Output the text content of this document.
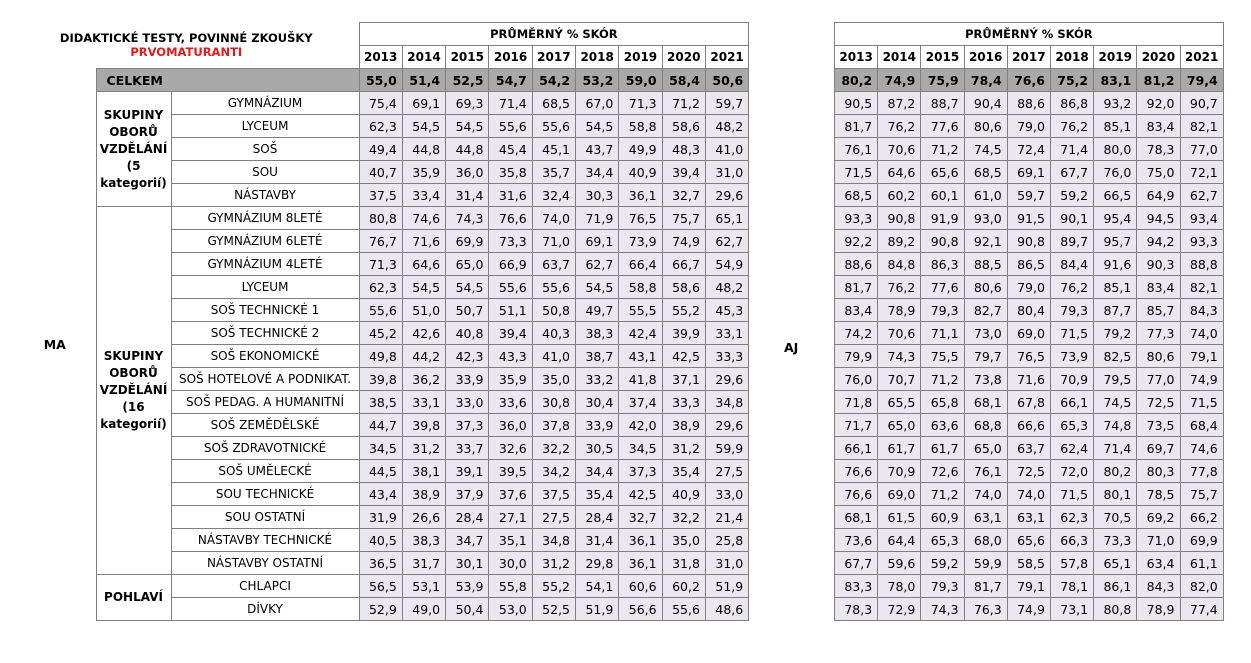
DIDAKTICKÉ TESTY, POVINNÉ ZKOUŠKY
PRVOMATURANTI			PRŮMĚRNÝ % SKÓR								
			2013	2014	2015	2016	2017	2018	2019	2020	2021
MA	CELKEM		55,0	51,4	52,5	54,7	54,2	53,2	59,0	58,4	50,6
	SKUPINY OBORŮ VZDĚLÁNÍ (5 kategorií)	GYMNÁZIUM	75,4	69,1	69,3	71,4	68,5	67,0	71,3	71,2	59,7
		LYCEUM	62,3	54,5	54,5	55,6	55,6	54,5	58,8	58,6	48,2
		SOŠ	49,4	44,8	44,8	45,4	45,1	43,7	49,9	48,3	41,0
		SOU	40,7	35,9	36,0	35,8	35,7	34,4	40,9	39,4	31,0
		NÁSTAVBY	37,5	33,4	31,4	31,6	32,4	30,3	36,1	32,7	29,6
	SKUPINY OBORŮ VZDĚLÁNÍ (16 kategorií)	GYMNÁZIUM 8LETÉ	80,8	74,6	74,3	76,6	74,0	71,9	76,5	75,7	65,1
		GYMNÁZIUM 6LETÉ	76,7	71,6	69,9	73,3	71,0	69,1	73,9	74,9	62,7
		GYMNÁZIUM 4LETÉ	71,3	64,6	65,0	66,9	63,7	62,7	66,4	66,7	54,9
		LYCEUM	62,3	54,5	54,5	55,6	55,6	54,5	58,8	58,6	48,2
		SOŠ TECHNICKÉ 1	55,6	51,0	50,7	51,1	50,8	49,7	55,5	55,2	45,3
		SOŠ TECHNICKÉ 2	45,2	42,6	40,8	39,4	40,3	38,3	42,4	39,9	33,1
		SOŠ EKONOMICKÉ	49,8	44,2	42,3	43,3	41,0	38,7	43,1	42,5	33,3
		SOŠ HOTELOVÉ A PODNIKAT.	39,8	36,2	33,9	35,9	35,0	33,2	41,8	37,1	29,6
		SOŠ PEDAG. A HUMANITNÍ	38,5	33,1	33,0	33,6	30,8	30,4	37,4	33,3	34,8
		SOŠ ZEMĚDĚLSKÉ	44,7	39,8	37,3	36,0	37,8	33,9	42,0	38,9	29,6
		SOŠ ZDRAVOTNICKÉ	34,5	31,2	33,7	32,6	32,2	30,5	34,5	31,2	59,9
		SOŠ UMĚLECKÉ	44,5	38,1	39,1	39,5	34,2	34,4	37,3	35,4	27,5
		SOU TECHNICKÉ	43,4	38,9	37,9	37,6	37,5	35,4	42,5	40,9	33,0
		SOU OSTATNÍ	31,9	26,6	28,4	27,1	27,5	28,4	32,7	32,2	21,4
		NÁSTAVBY TECHNICKÉ	40,5	38,3	34,7	35,1	34,8	31,4	36,1	35,0	25,8
		NÁSTAVBY OSTATNÍ	36,5	31,7	30,1	30,0	31,2	29,8	36,1	31,8	31,0
	POHLAVÍ	CHLAPCI	56,5	53,1	53,9	55,8	55,2	54,1	60,6	60,2	51,9
		DÍVKY	52,9	49,0	50,4	53,0	52,5	51,9	56,6	55,6	48,6
AJ
PRŮMĚRNÝ % SKÓR								
2013	2014	2015	2016	2017	2018	2019	2020	2021
80,2	74,9	75,9	78,4	76,6	75,2	83,1	81,2	79,4
90,5	87,2	88,7	90,4	88,6	86,8	93,2	92,0	90,7
81,7	76,2	77,6	80,6	79,0	76,2	85,1	83,4	82,1
76,1	70,6	71,2	74,5	72,4	71,4	80,0	78,3	77,0
71,5	64,6	65,6	68,5	69,1	67,7	76,0	75,0	72,1
68,5	60,2	60,1	61,0	59,7	59,2	66,5	64,9	62,7
93,3	90,8	91,9	93,0	91,5	90,1	95,4	94,5	93,4
92,2	89,2	90,8	92,1	90,8	89,7	95,7	94,2	93,3
88,6	84,8	86,3	88,5	86,5	84,4	91,6	90,3	88,8
81,7	76,2	77,6	80,6	79,0	76,2	85,1	83,4	82,1
83,4	78,9	79,3	82,7	80,4	79,3	87,7	85,7	84,3
74,2	70,6	71,1	73,0	69,0	71,5	79,2	77,3	74,0
79,9	74,3	75,5	79,7	76,5	73,9	82,5	80,6	79,1
76,0	70,7	71,2	73,8	71,6	70,9	79,5	77,0	74,9
71,8	65,5	65,8	68,1	67,8	66,1	74,5	72,5	71,5
71,7	65,0	63,6	68,8	66,6	65,3	74,8	73,5	68,4
66,1	61,7	61,7	65,0	63,7	62,4	71,4	69,7	74,6
76,6	70,9	72,6	76,1	72,5	72,0	80,2	80,3	77,8
76,6	69,0	71,2	74,0	74,0	71,5	80,1	78,5	75,7
68,1	61,5	60,9	63,1	63,1	62,3	70,5	69,2	66,2
73,6	64,4	65,3	68,0	65,6	66,3	73,3	71,0	69,9
67,7	59,6	59,2	59,9	58,5	57,8	65,1	63,4	61,1
83,3	78,0	79,3	81,7	79,1	78,1	86,1	84,3	82,0
78,3	72,9	74,3	76,3	74,9	73,1	80,8	78,9	77,4
